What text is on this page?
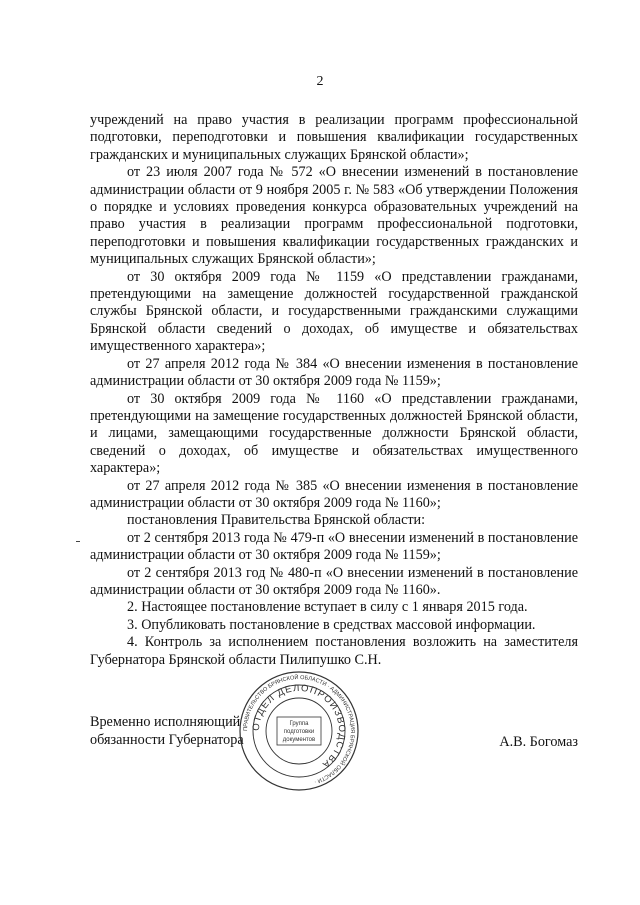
2

учреждений на право участия в реализации программ профессиональной подготовки, переподготовки и повышения квалификации государственных гражданских и муниципальных служащих Брянской области»;

от 23 июля 2007 года № 572 «О внесении изменений в постановление администрации области от 9 ноября 2005 г. № 583 «Об утверждении Положения о порядке и условиях проведения конкурса образовательных учреждений на право участия в реализации программ профессиональной подготовки, переподготовки и повышения квалификации государственных гражданских и муниципальных служащих Брянской области»;

от 30 октября 2009 года № 1159 «О представлении гражданами, претендующими на замещение должностей государственной гражданской службы Брянской области, и государственными гражданскими служащими Брянской области сведений о доходах, об имуществе и обязательствах имущественного характера»;

от 27 апреля 2012 года № 384 «О внесении изменения в постановление администрации области от 30 октября 2009 года № 1159»;

от 30 октября 2009 года № 1160 «О представлении гражданами, претендующими на замещение государственных должностей Брянской области, и лицами, замещающими государственные должности Брянской области, сведений о доходах, об имуществе и обязательствах имущественного характера»;

от 27 апреля 2012 года № 385 «О внесении изменения в постановление администрации области от 30 октября 2009 года № 1160»;

постановления Правительства Брянской области:

от 2 сентября 2013 года № 479-п «О внесении изменений в постановление администрации области от 30 октября 2009 года № 1159»;

от 2 сентября 2013 год № 480-п «О внесении изменений в постановление администрации области от 30 октября 2009 года № 1160».

2. Настоящее постановление вступает в силу с 1 января 2015 года.

3. Опубликовать постановление в средствах массовой информации.

4. Контроль за исполнением постановления возложить на заместителя Губернатора Брянской области Пилипушко С.Н.

Временно исполняющий
обязанности Губернатора	А.В. Богомаз
ПРАВИТЕЛЬСТВО БРЯНСКОЙ ОБЛАСТИ · АДМИНИСТРАЦИЯ БРЯНСКОЙ ОБЛАСТИ ·
ОТДЕЛ ДЕЛОПРОИЗВОДСТВА
Группа
подготовки
документов
